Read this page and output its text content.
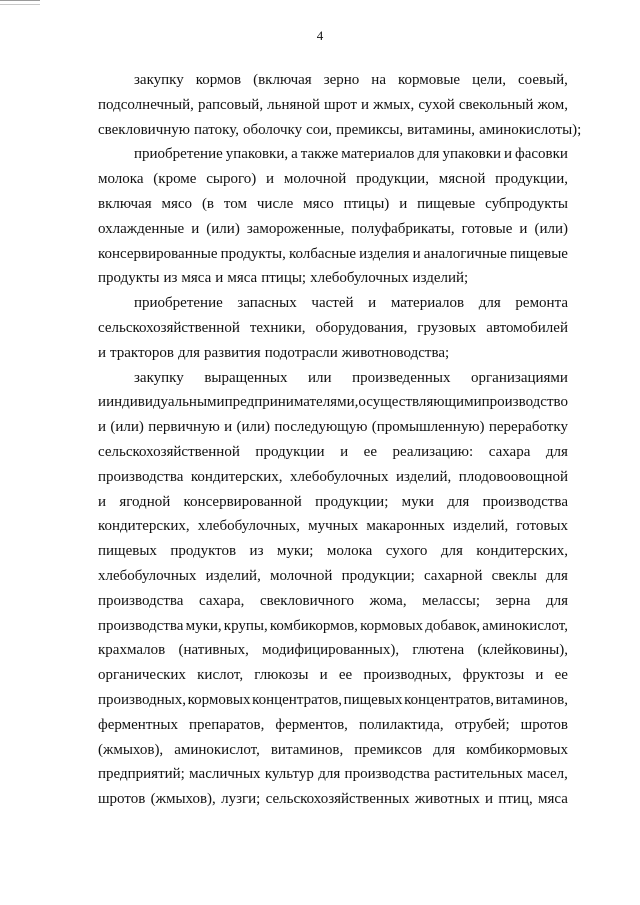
4
закупку кормов (включая зерно на кормовые цели, соевый,
подсолнечный, рапсовый, льняной шрот и жмых, сухой свекольный жом,
свекловичную патоку, оболочку сои, премиксы, витамины, аминокислоты);
приобретение упаковки, а также материалов для упаковки и фасовки
молока (кроме сырого) и молочной продукции, мясной продукции,
включая мясо (в том числе мясо птицы) и пищевые субпродукты
охлажденные и (или) замороженные, полуфабрикаты, готовые и (или)
консервированные продукты, колбасные изделия и аналогичные пищевые
продукты из мяса и мяса птицы; хлебобулочных изделий;
приобретение запасных частей и материалов для ремонта
сельскохозяйственной техники, оборудования, грузовых автомобилей
и тракторов для развития подотрасли животноводства;
закупку выращенных или произведенных организациями
и индивидуальными предпринимателями, осуществляющими производство
и (или) первичную и (или) последующую (промышленную) переработку
сельскохозяйственной продукции и ее реализацию: сахара для
производства кондитерских, хлебобулочных изделий, плодовоовощной
и ягодной консервированной продукции; муки для производства
кондитерских, хлебобулочных, мучных макаронных изделий, готовых
пищевых продуктов из муки; молока сухого для кондитерских,
хлебобулочных изделий, молочной продукции; сахарной свеклы для
производства сахара, свекловичного жома, мелассы; зерна для
производства муки, крупы, комбикормов, кормовых добавок, аминокислот,
крахмалов (нативных, модифицированных), глютена (клейковины),
органических кислот, глюкозы и ее производных, фруктозы и ее
производных, кормовых концентратов, пищевых концентратов, витаминов,
ферментных препаратов, ферментов, полилактида, отрубей; шротов
(жмыхов), аминокислот, витаминов, премиксов для комбикормовых
предприятий; масличных культур для производства растительных масел,
шротов (жмыхов), лузги; сельскохозяйственных животных и птиц, мяса
